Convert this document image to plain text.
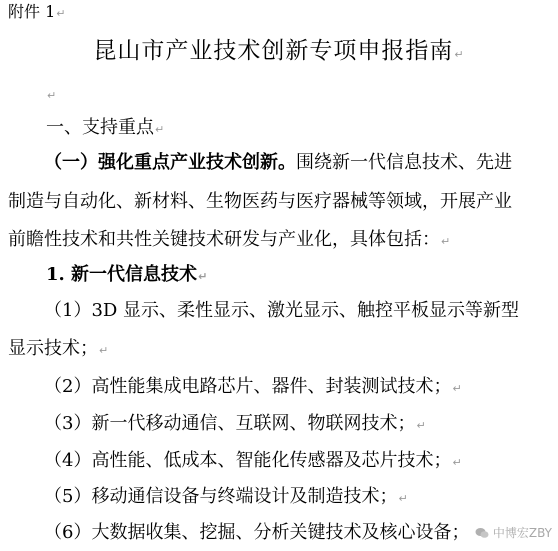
附件 1↵
昆山市产业技术创新专项申报指南↵
↵
一、支持重点↵
（一）强化重点产业技术创新。围绕新一代信息技术、先进
制造与自动化、新材料、生物医药与医疗器械等领域，开展产业
前瞻性技术和共性关键技术研发与产业化，具体包括：↵
1. 新一代信息技术↵
（1）3D 显示、柔性显示、激光显示、触控平板显示等新型
显示技术；↵
（2）高性能集成电路芯片、器件、封装测试技术；↵
（3）新一代移动通信、互联网、物联网技术；↵
（4）高性能、低成本、智能化传感器及芯片技术；↵
（5）移动通信设备与终端设计及制造技术；↵
（6）大数据收集、挖掘、分析关键技术及核心设备； 中博宏ZBY
